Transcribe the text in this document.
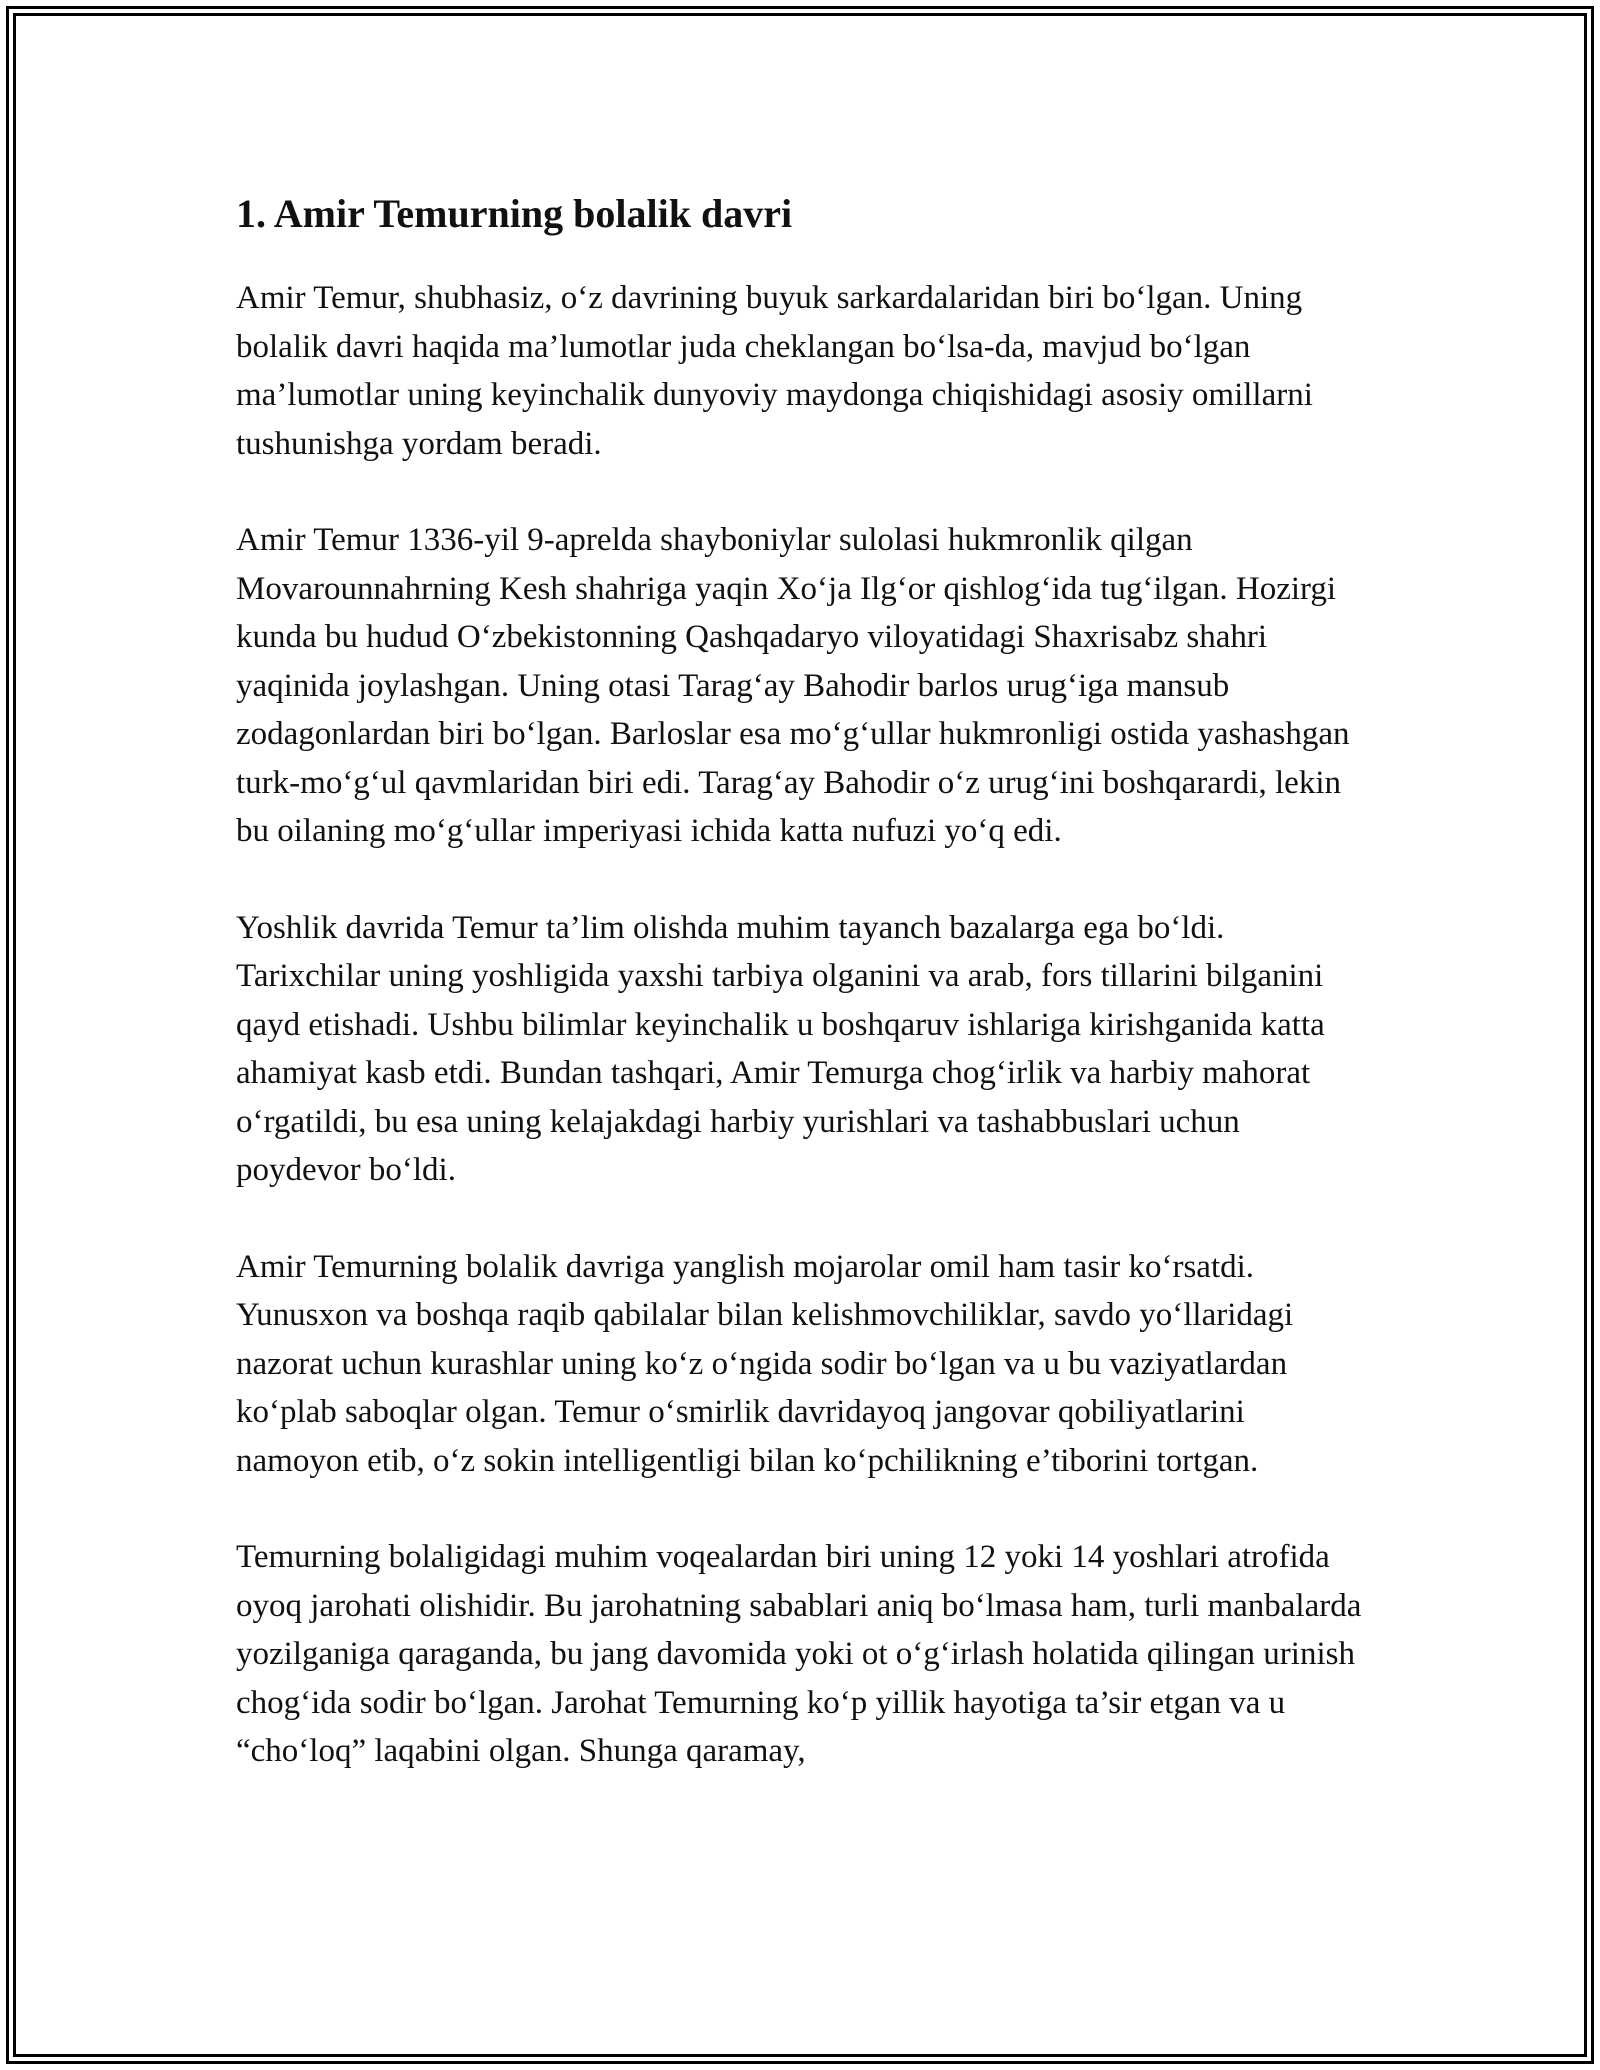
1. Amir Temurning bolalik davri

Amir Temur, shubhasiz, o‘z davrining buyuk sarkardalaridan biri bo‘lgan. Uning bolalik davri haqida ma’lumotlar juda cheklangan bo‘lsa-da, mavjud bo‘lgan ma’lumotlar uning keyinchalik dunyoviy maydonga chiqishidagi asosiy omillarni tushunishga yordam beradi.

Amir Temur 1336-yil 9-aprelda shayboniylar sulolasi hukmronlik qilgan Movarounnahrning Kesh shahriga yaqin Xo‘ja Ilg‘or qishlog‘ida tug‘ilgan. Hozirgi kunda bu hudud O‘zbekistonning Qashqadaryo viloyatidagi Shaxrisabz shahri yaqinida joylashgan. Uning otasi Tarag‘ay Bahodir barlos urug‘iga mansub zodagonlardan biri bo‘lgan. Barloslar esa mo‘g‘ullar hukmronligi ostida yashashgan turk-mo‘g‘ul qavmlaridan biri edi. Tarag‘ay Bahodir o‘z urug‘ini boshqarardi, lekin bu oilaning mo‘g‘ullar imperiyasi ichida katta nufuzi yo‘q edi.

Yoshlik davrida Temur ta’lim olishda muhim tayanch bazalarga ega bo‘ldi. Tarixchilar uning yoshligida yaxshi tarbiya olganini va arab, fors tillarini bilganini qayd etishadi. Ushbu bilimlar keyinchalik u boshqaruv ishlariga kirishganida katta ahamiyat kasb etdi. Bundan tashqari, Amir Temurga chog‘irlik va harbiy mahorat o‘rgatildi, bu esa uning kelajakdagi harbiy yurishlari va tashabbuslari uchun poydevor bo‘ldi.

Amir Temurning bolalik davriga yanglish mojarolar omil ham tasir ko‘rsatdi. Yunusxon va boshqa raqib qabilalar bilan kelishmovchiliklar, savdo yo‘llaridagi nazorat uchun kurashlar uning ko‘z o‘ngida sodir bo‘lgan va u bu vaziyatlardan ko‘plab saboqlar olgan. Temur o‘smirlik davridayoq jangovar qobiliyatlarini namoyon etib, o‘z sokin intelligentligi bilan ko‘pchilikning e’tiborini tortgan.

Temurning bolaligidagi muhim voqealardan biri uning 12 yoki 14 yoshlari atrofida oyoq jarohati olishidir. Bu jarohatning sabablari aniq bo‘lmasa ham, turli manbalarda yozilganiga qaraganda, bu jang davomida yoki ot o‘g‘irlash holatida qilingan urinish chog‘ida sodir bo‘lgan. Jarohat Temurning ko‘p yillik hayotiga ta’sir etgan va u “cho‘loq” laqabini olgan. Shunga qaramay,
